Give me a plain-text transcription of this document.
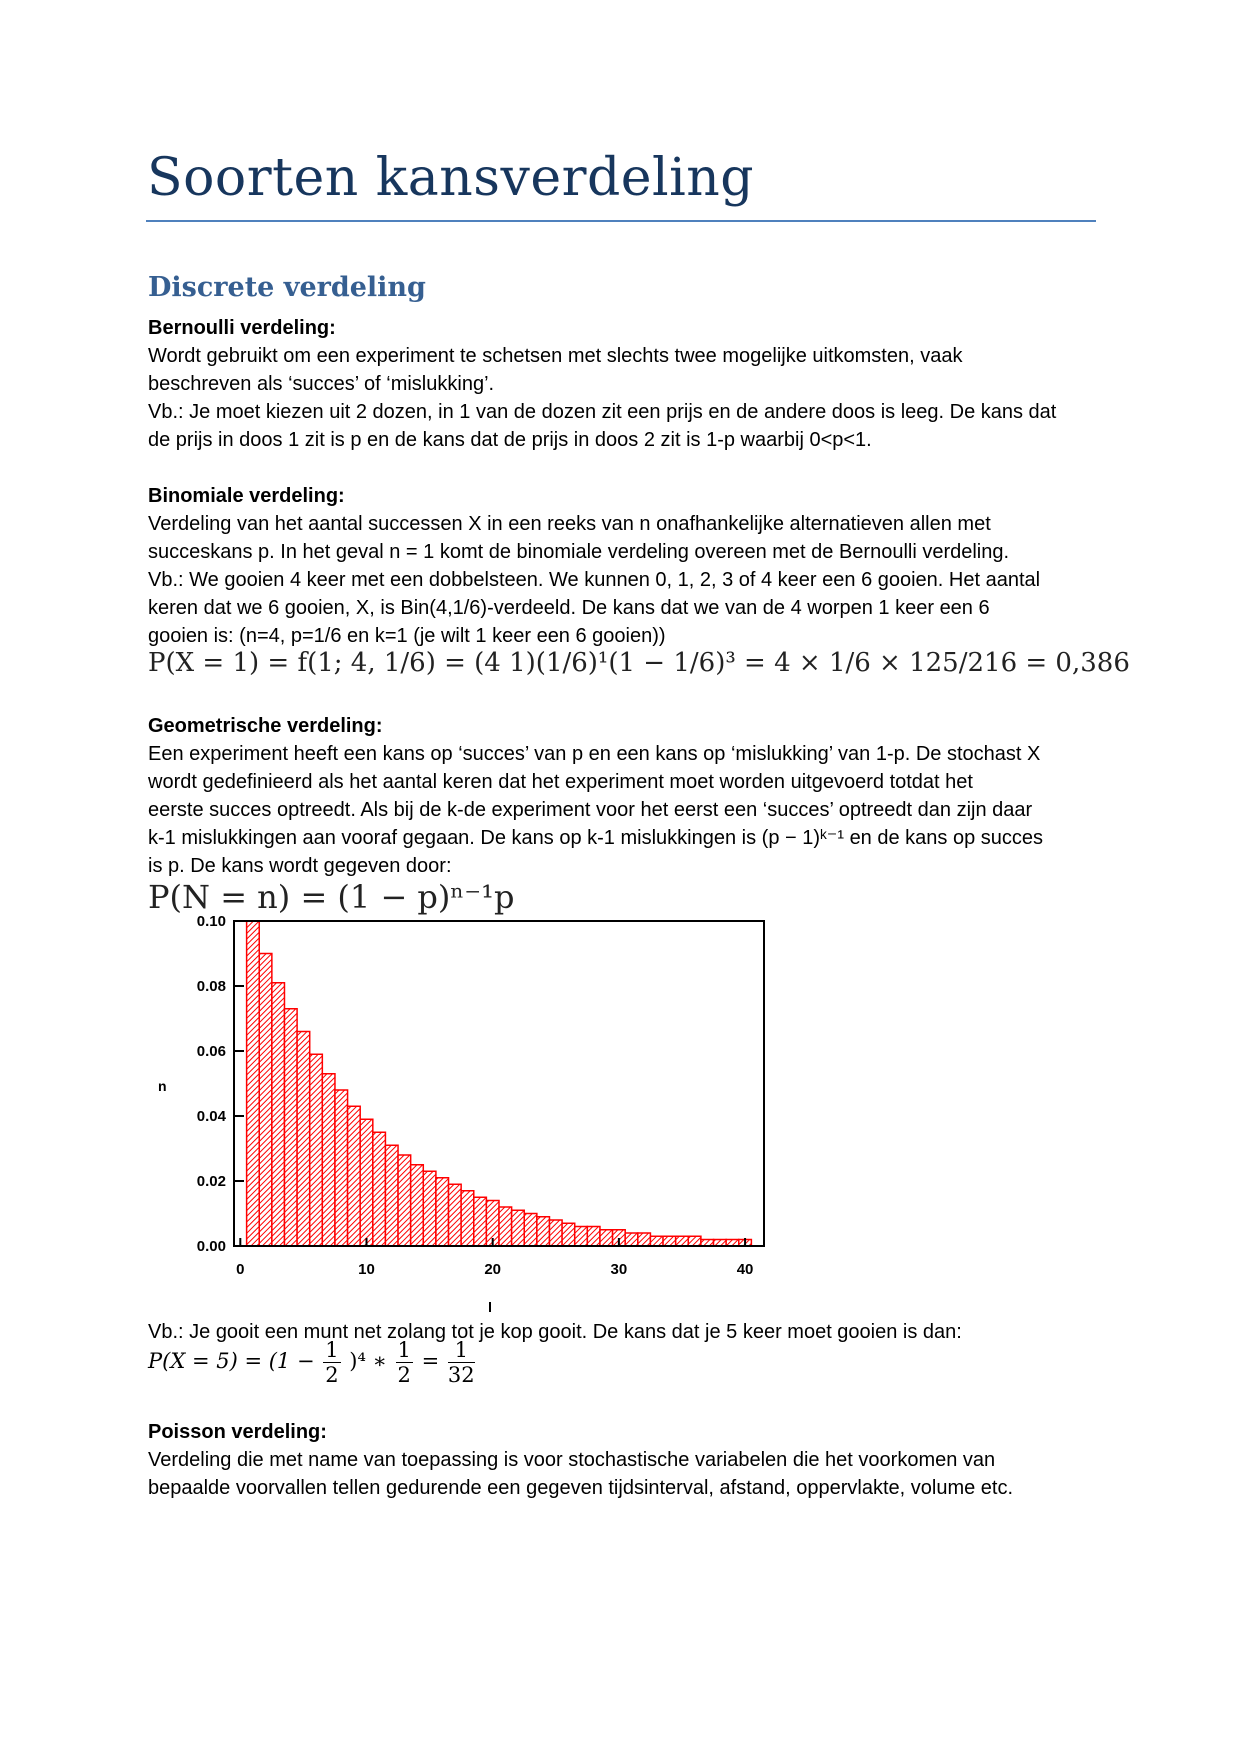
Soorten kansverdeling
Discrete verdeling
Bernoulli verdeling:
Wordt gebruikt om een experiment te schetsen met slechts twee mogelijke uitkomsten, vaak
beschreven als ‘succes’ of ‘mislukking’.
Vb.: Je moet kiezen uit 2 dozen, in 1 van de dozen zit een prijs en de andere doos is leeg. De kans dat
de prijs in doos 1 zit is p en de kans dat de prijs in doos 2 zit is 1-p waarbij 0<p<1.
Binomiale verdeling:
Verdeling van het aantal successen X in een reeks van n onafhankelijke alternatieven allen met
succeskans p. In het geval n = 1 komt de binomiale verdeling overeen met de Bernoulli verdeling.
Vb.: We gooien 4 keer met een dobbelsteen. We kunnen 0, 1, 2, 3 of 4 keer een 6 gooien. Het aantal
keren dat we 6 gooien, X, is Bin(4,1/6)-verdeeld. De kans dat we van de 4 worpen 1 keer een 6
gooien is: (n=4, p=1/6 en k=1 (je wilt 1 keer een 6 gooien))
P(X = 1) = f(1; 4, 1/6) = (4 1)(1/6)¹(1 − 1/6)³ = 4 × 1/6 × 125/216 = 0,386
Geometrische verdeling:
Een experiment heeft een kans op ‘succes’ van p en een kans op ‘mislukking’ van 1-p. De stochast X
wordt gedefinieerd als het aantal keren dat het experiment moet worden uitgevoerd totdat het
eerste succes optreedt. Als bij de k-de experiment voor het eerst een ‘succes’ optreedt dan zijn daar
k-1 mislukkingen aan vooraf gegaan. De kans op k-1 mislukkingen is (p − 1)ᵏ⁻¹ en de kans op succes
is p. De kans wordt gegeven door:
P(N = n) = (1 − p)ⁿ⁻¹p
0.00
0.02
0.04
0.06
0.08
0.10
0	10	20	30	40
n
Vb.: Je gooit een munt net zolang tot je kop gooit. De kans dat je 5 keer moet gooien is dan:
$P(X = 5) = (1 - \frac{1}{2} )^4$ ∗ $\frac{1}{2} = \frac{1}{32}$
Poisson verdeling:
Verdeling die met name van toepassing is voor stochastische variabelen die het voorkomen van
bepaalde voorvallen tellen gedurende een gegeven tijdsinterval, afstand, oppervlakte, volume etc.
